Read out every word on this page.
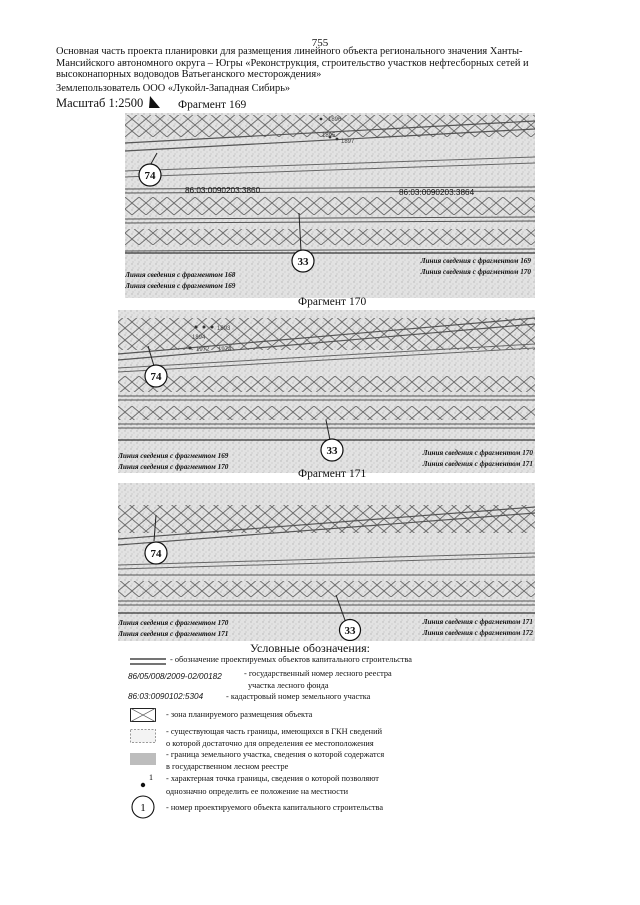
755
Основная часть проекта планировки для размещения линейного объекта регионального значения Ханты-Мансийского автономного округа – Югры «Реконструкция, строительство участков нефтесборных сетей и высоконапорных водоводов Ватьеганского месторождения»
Землепользователь ООО «Лукойл-Западная Сибирь»
Масштаб 1:2500	Фрагмент 169
74
33
86:03:0090203:3860	86:03:0090203:3864
1896
1895
1897
Линия сведения с фрагментом 168
Линия сведения с фрагментом 169
Линия сведения с фрагментом 169
Линия сведения с фрагментом 170
Фрагмент 170
74
33
1893
1894
1972 1974
Линия сведения с фрагментом 169
Линия сведения с фрагментом 170
Линия сведения с фрагментом 170
Линия сведения с фрагментом 171
Фрагмент 171
74
33
Линия сведения с фрагментом 170
Линия сведения с фрагментом 171
Линия сведения с фрагментом 171
Линия сведения с фрагментом 172
Условные обозначения:
- обозначение проектируемых объектов капитального строительства
86/05/008/2009-02/00182	- государственный номер лесного реестра
участка лесного фонда
86:03:0090102:5304	- кадастровый номер земельного участка
- зона планируемого размещения объекта
- существующая часть границы, имеющихся в ГКН сведений
о которой достаточно для определения ее местоположения
- граница земельного участка, сведения о которой содержатся
в государственном лесном реестре
1 - характерная точка границы, сведения о которой позволяют
однозначно определить ее положение на местности
1 - номер проектируемого объекта капитального строительства
